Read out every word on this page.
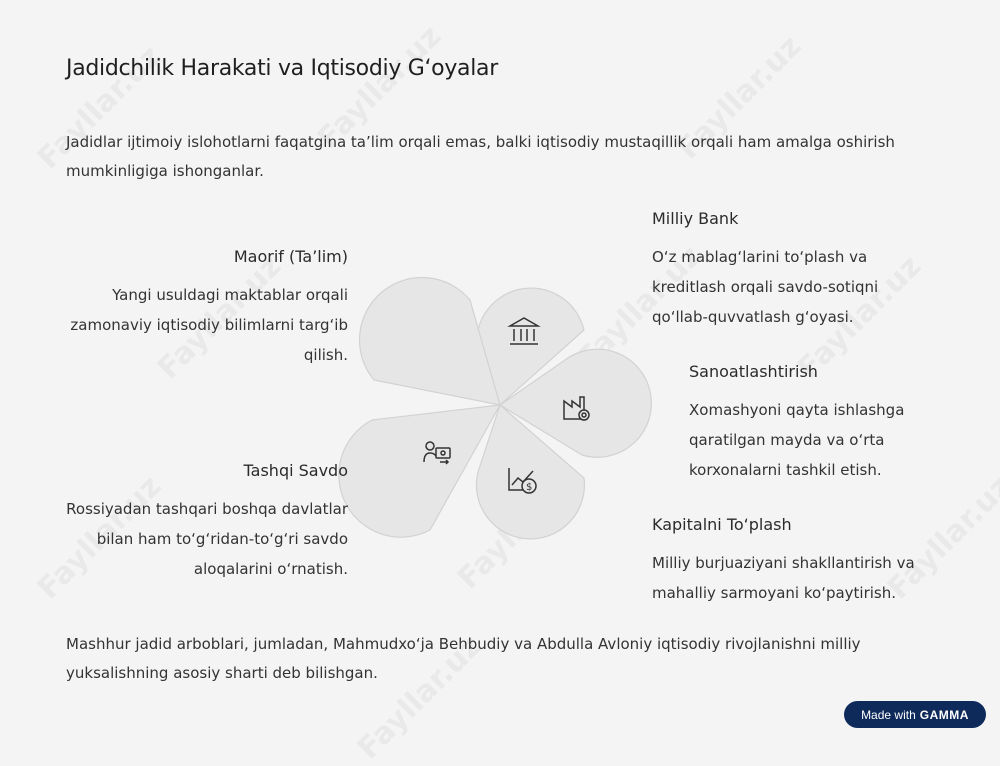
Jadidchilik Harakati va Iqtisodiy G‘oyalar
Jadidlar ijtimoiy islohotlarni faqatgina ta’lim orqali emas, balki iqtisodiy mustaqillik orqali ham amalga oshirish mumkinligiga ishonganlar.
$
Maorif (Ta’lim)
Yangi usuldagi maktablar orqali zamonaviy iqtisodiy bilimlarni targ‘ib qilish.
Tashqi Savdo
Rossiyadan tashqari boshqa davlatlar bilan ham to‘g‘ridan-to‘g‘ri savdo aloqalarini o‘rnatish.
Milliy Bank
O‘z mablag‘larini to‘plash va kreditlash orqali savdo-sotiqni qo‘llab-quvvatlash g‘oyasi.
Sanoatlashtirish
Xomashyoni qayta ishlashga qaratilgan mayda va o‘rta korxonalarni tashkil etish.
Kapitalni To‘plash
Milliy burjuaziyani shakllantirish va mahalliy sarmoyani ko‘paytirish.
Mashhur jadid arboblari, jumladan, Mahmudxo‘ja Behbudiy va Abdulla Avloniy iqtisodiy rivojlanishni milliy yuksalishning asosiy sharti deb bilishgan.
Made with GAMMA
